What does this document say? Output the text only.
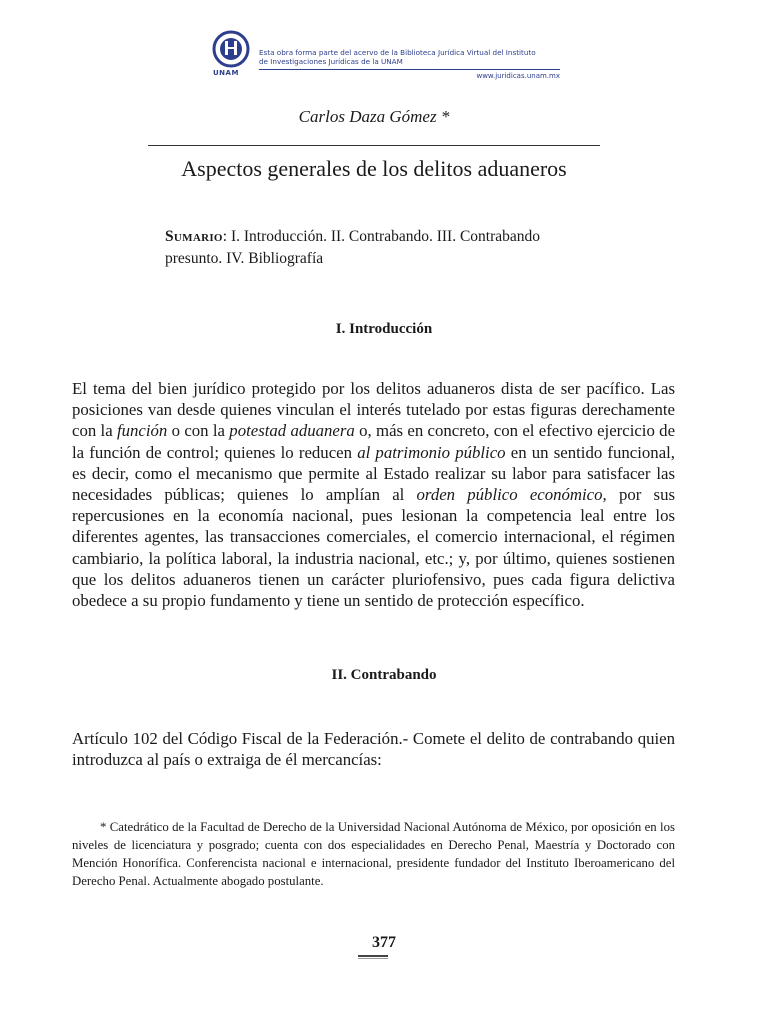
UNAM
Esta obra forma parte del acervo de la Biblioteca Jurídica Virtual del Instituto
de Investigaciones Jurídicas de la UNAM
www.juridicas.unam.mx
Carlos Daza Gómez *
Aspectos generales de los delitos aduaneros
Sumario: I. Introducción. II. Contrabando. III. Contrabando presunto. IV. Bibliografía
I. Introducción
El tema del bien jurídico protegido por los delitos aduaneros dista de ser pacífico. Las posiciones van desde quienes vinculan el interés tutelado por estas figuras derechamente con la función o con la potestad aduanera o, más en concreto, con el efectivo ejercicio de la función de control; quienes lo reducen al patrimonio público en un sentido funcional, es decir, como el mecanismo que permite al Estado realizar su labor para satisfacer las necesidades públicas; quienes lo amplían al orden público económico, por sus repercusiones en la economía nacional, pues lesionan la competencia leal entre los diferentes agentes, las transacciones comerciales, el comercio internacional, el régimen cambiario, la política laboral, la industria nacional, etc.; y, por último, quienes sostienen que los delitos aduaneros tienen un carácter pluriofensivo, pues cada figura delictiva obedece a su propio fundamento y tiene un sentido de protección específico.
II. Contrabando
Artículo 102 del Código Fiscal de la Federación.- Comete el delito de contrabando quien introduzca al país o extraiga de él mercancías:
* Catedrático de la Facultad de Derecho de la Universidad Nacional Autónoma de México, por oposición en los niveles de licenciatura y posgrado; cuenta con dos especialidades en Derecho Penal, Maestría y Doctorado con Mención Honorífica. Conferencista nacional e internacional, presidente fundador del Instituto Iberoamericano del Derecho Penal. Actualmente abogado postulante.
377
